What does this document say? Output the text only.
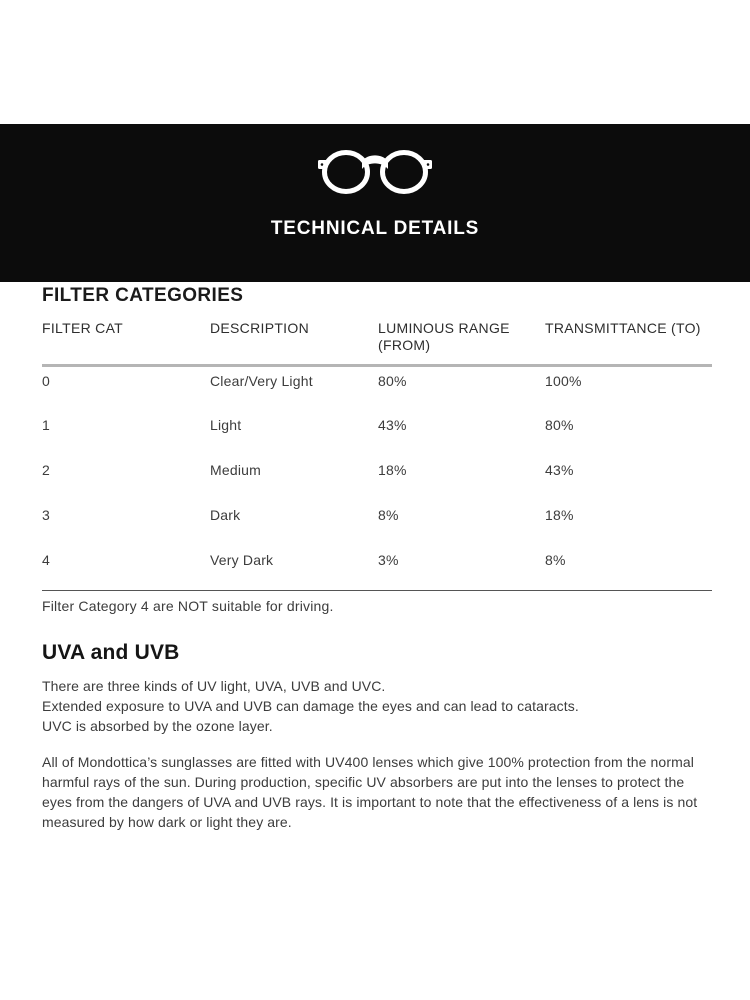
TECHNICAL DETAILS
FILTER CATEGORIES
FILTER CAT	DESCRIPTION	LUMINOUS RANGE (FROM)	TRANSMITTANCE (TO)
0	Clear/Very Light	80%	100%
1	Light	43%	80%
2	Medium	18%	43%
3	Dark	8%	18%
4	Very Dark	3%	8%
Filter Category 4 are NOT suitable for driving.
UVA and UVB
There are three kinds of UV light, UVA, UVB and UVC.
Extended exposure to UVA and UVB can damage the eyes and can lead to cataracts.
UVC is absorbed by the ozone layer.
All of Mondottica’s sunglasses are fitted with UV400 lenses which give 100% protection from the normal harmful rays of the sun. During production, specific UV absorbers are put into the lenses to protect the eyes from the dangers of UVA and UVB rays. It is important to note that the effectiveness of a lens is not measured by how dark or light they are.
